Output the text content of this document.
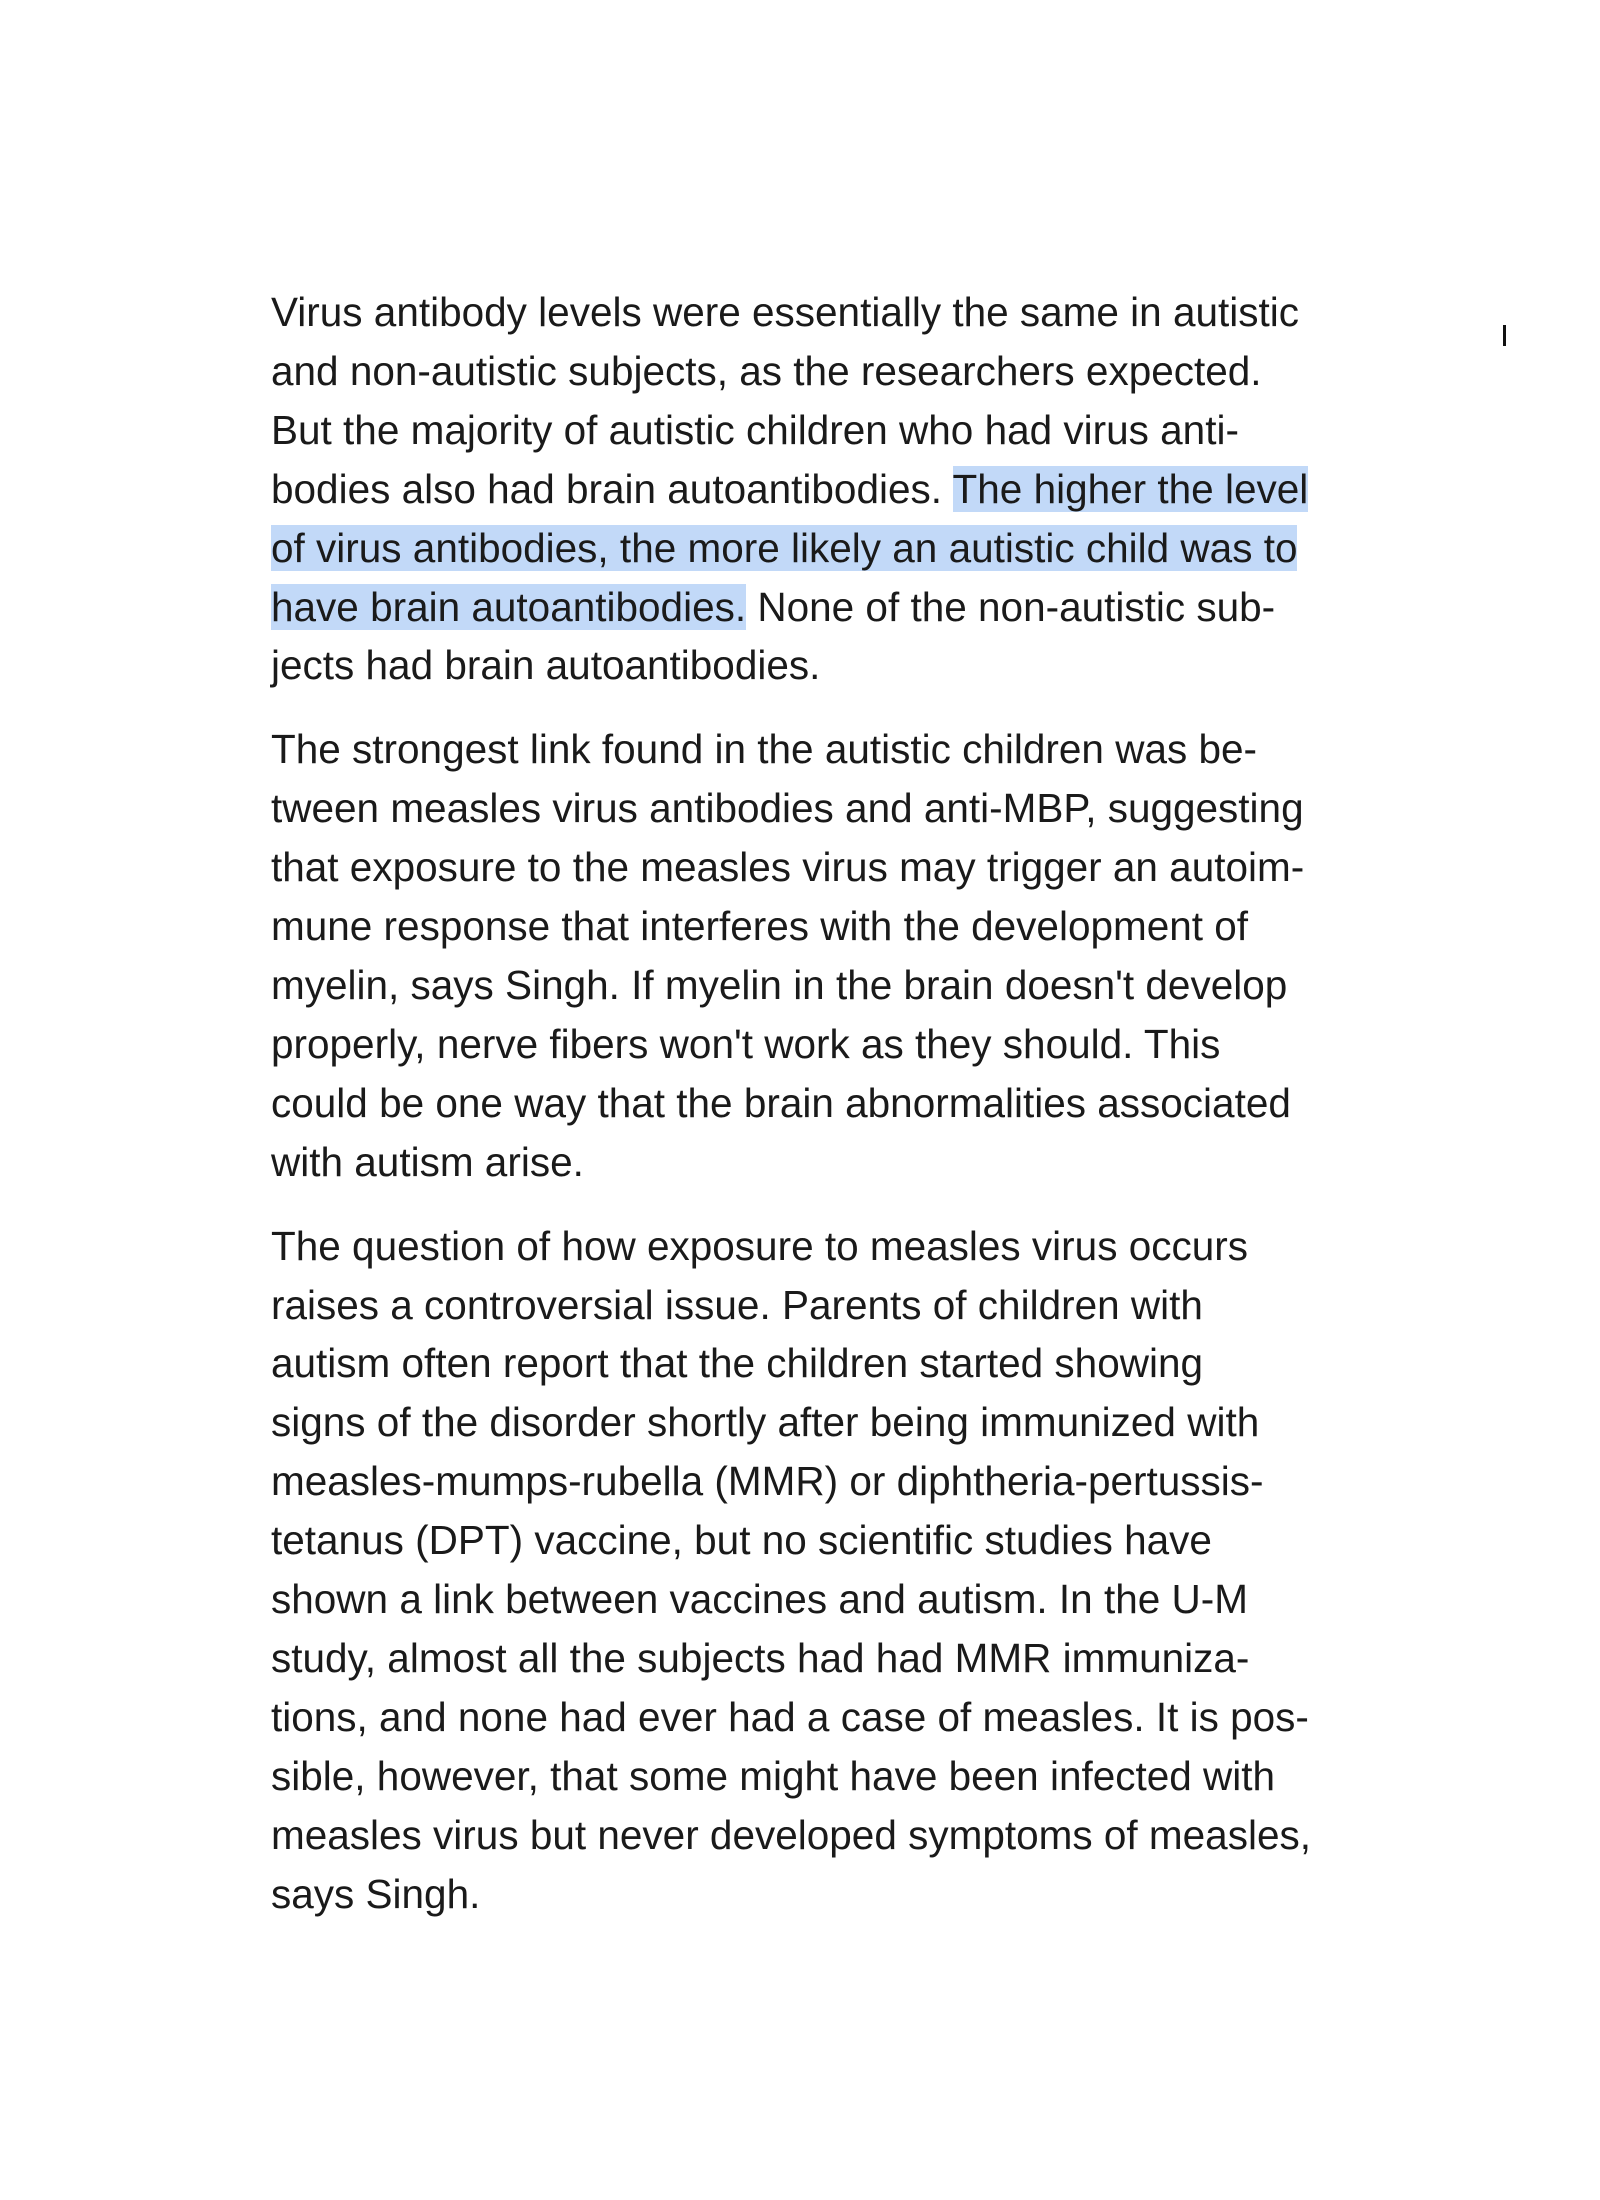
Virus antibody levels were essentially the same in autistic
and non-autistic subjects, as the researchers expected.
But the majority of autistic children who had virus anti-
bodies also had brain autoantibodies. The higher the level
of virus antibodies, the more likely an autistic child was to
have brain autoantibodies. None of the non-autistic sub-
jects had brain autoantibodies.

The strongest link found in the autistic children was be-
tween measles virus antibodies and anti-MBP, suggesting
that exposure to the measles virus may trigger an autoim-
mune response that interferes with the development of
myelin, says Singh. If myelin in the brain doesn't develop
properly, nerve fibers won't work as they should. This
could be one way that the brain abnormalities associated
with autism arise.

The question of how exposure to measles virus occurs
raises a controversial issue. Parents of children with
autism often report that the children started showing
signs of the disorder shortly after being immunized with
measles-mumps-rubella (MMR) or diphtheria-pertussis-
tetanus (DPT) vaccine, but no scientific studies have
shown a link between vaccines and autism. In the U-M
study, almost all the subjects had had MMR immuniza-
tions, and none had ever had a case of measles. It is pos-
sible, however, that some might have been infected with
measles virus but never developed symptoms of measles,
says Singh.
